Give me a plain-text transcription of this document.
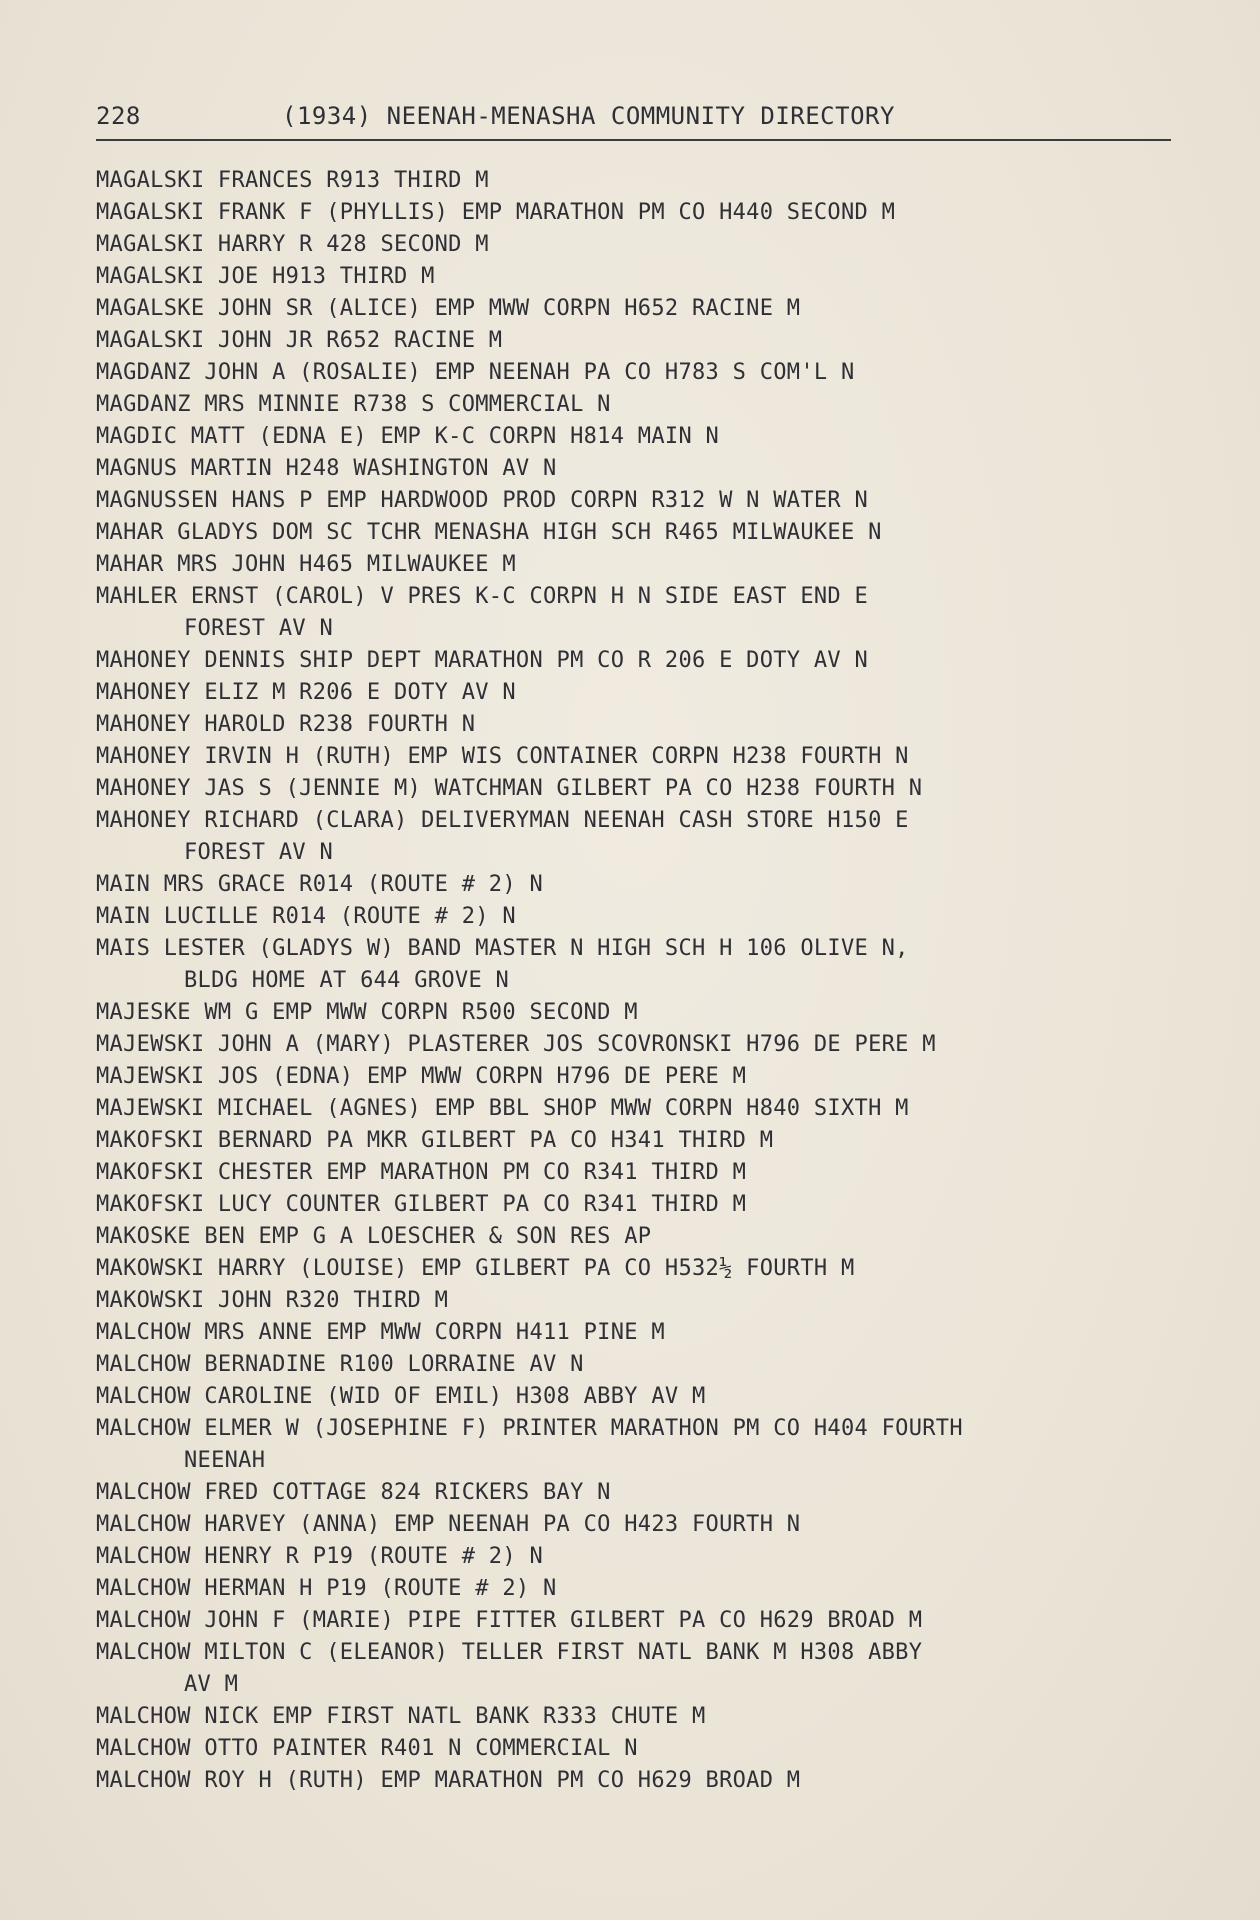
228	(1934) NEENAH-MENASHA COMMUNITY DIRECTORY
MAGALSKI FRANCES R913 THIRD M
MAGALSKI FRANK F (PHYLLIS) EMP MARATHON PM CO H440 SECOND M
MAGALSKI HARRY R 428 SECOND M
MAGALSKI JOE H913 THIRD M
MAGALSKE JOHN SR (ALICE) EMP MWW CORPN H652 RACINE M
MAGALSKI JOHN JR R652 RACINE M
MAGDANZ JOHN A (ROSALIE) EMP NEENAH PA CO H783 S COM'L N
MAGDANZ MRS MINNIE R738 S COMMERCIAL N
MAGDIC MATT (EDNA E) EMP K-C CORPN H814 MAIN N
MAGNUS MARTIN H248 WASHINGTON AV N
MAGNUSSEN HANS P EMP HARDWOOD PROD CORPN R312 W N WATER N
MAHAR GLADYS DOM SC TCHR MENASHA HIGH SCH R465 MILWAUKEE N
MAHAR MRS JOHN H465 MILWAUKEE M
MAHLER ERNST (CAROL) V PRES K-C CORPN H N SIDE EAST END E
FOREST AV N
MAHONEY DENNIS SHIP DEPT MARATHON PM CO R 206 E DOTY AV N
MAHONEY ELIZ M R206 E DOTY AV N
MAHONEY HAROLD R238 FOURTH N
MAHONEY IRVIN H (RUTH) EMP WIS CONTAINER CORPN H238 FOURTH N
MAHONEY JAS S (JENNIE M) WATCHMAN GILBERT PA CO H238 FOURTH N
MAHONEY RICHARD (CLARA) DELIVERYMAN NEENAH CASH STORE H150 E
FOREST AV N
MAIN MRS GRACE R014 (ROUTE # 2) N
MAIN LUCILLE R014 (ROUTE # 2) N
MAIS LESTER (GLADYS W) BAND MASTER N HIGH SCH H 106 OLIVE N,
BLDG HOME AT 644 GROVE N
MAJESKE WM G EMP MWW CORPN R500 SECOND M
MAJEWSKI JOHN A (MARY) PLASTERER JOS SCOVRONSKI H796 DE PERE M
MAJEWSKI JOS (EDNA) EMP MWW CORPN H796 DE PERE M
MAJEWSKI MICHAEL (AGNES) EMP BBL SHOP MWW CORPN H840 SIXTH M
MAKOFSKI BERNARD PA MKR GILBERT PA CO H341 THIRD M
MAKOFSKI CHESTER EMP MARATHON PM CO R341 THIRD M
MAKOFSKI LUCY COUNTER GILBERT PA CO R341 THIRD M
MAKOSKE BEN EMP G A LOESCHER & SON RES AP
MAKOWSKI HARRY (LOUISE) EMP GILBERT PA CO H532½ FOURTH M
MAKOWSKI JOHN R320 THIRD M
MALCHOW MRS ANNE EMP MWW CORPN H411 PINE M
MALCHOW BERNADINE R100 LORRAINE AV N
MALCHOW CAROLINE (WID OF EMIL) H308 ABBY AV M
MALCHOW ELMER W (JOSEPHINE F) PRINTER MARATHON PM CO H404 FOURTH
NEENAH
MALCHOW FRED COTTAGE 824 RICKERS BAY N
MALCHOW HARVEY (ANNA) EMP NEENAH PA CO H423 FOURTH N
MALCHOW HENRY R P19 (ROUTE # 2) N
MALCHOW HERMAN H P19 (ROUTE # 2) N
MALCHOW JOHN F (MARIE) PIPE FITTER GILBERT PA CO H629 BROAD M
MALCHOW MILTON C (ELEANOR) TELLER FIRST NATL BANK M H308 ABBY
AV M
MALCHOW NICK EMP FIRST NATL BANK R333 CHUTE M
MALCHOW OTTO PAINTER R401 N COMMERCIAL N
MALCHOW ROY H (RUTH) EMP MARATHON PM CO H629 BROAD M
